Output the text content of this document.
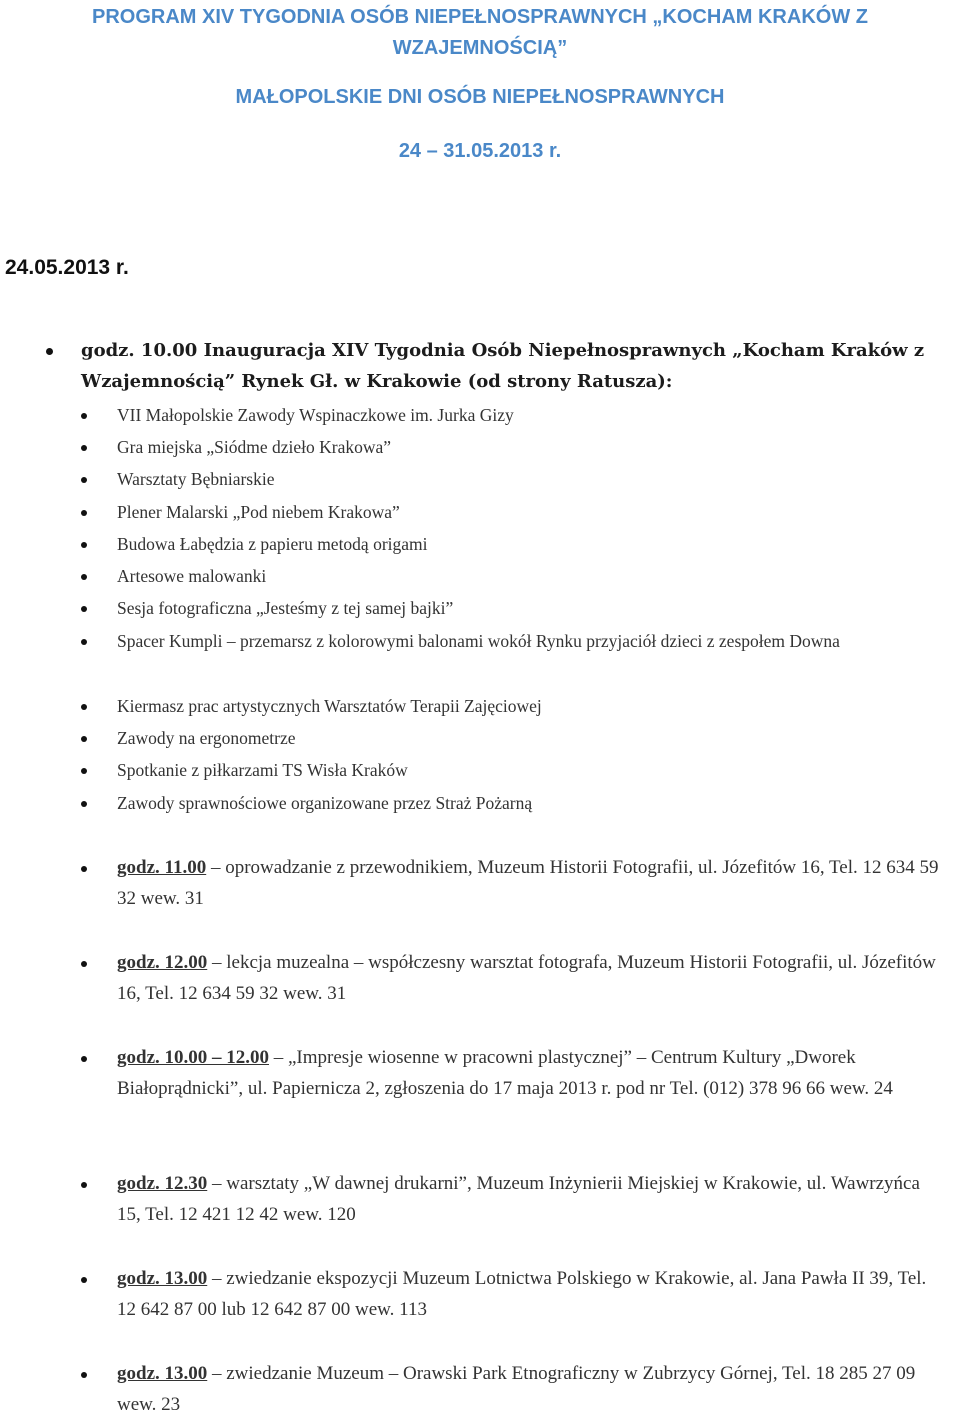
PROGRAM XIV TYGODNIA OSÓB NIEPEŁNOSPRAWNYCH „KOCHAM KRAKÓW Z WZAJEMNOŚCIĄ”
MAŁOPOLSKIE DNI OSÓB NIEPEŁNOSPRAWNYCH
24 – 31.05.2013 r.
24.05.2013 r.
godz. 10.00 Inauguracja XIV Tygodnia Osób Niepełnosprawnych „Kocham Kraków z Wzajemnością” Rynek Gł. w Krakowie (od strony Ratusza):
VII Małopolskie Zawody Wspinaczkowe im. Jurka Gizy
Gra miejska „Siódme dzieło Krakowa”
Warsztaty Bębniarskie
Plener Malarski „Pod niebem Krakowa”
Budowa Łabędzia z papieru metodą origami
Artesowe malowanki
Sesja fotograficzna „Jesteśmy z tej samej bajki”
Spacer Kumpli – przemarsz z kolorowymi balonami wokół Rynku przyjaciół dzieci z zespołem Downa
Kiermasz prac artystycznych Warsztatów Terapii Zajęciowej
Zawody na ergonometrze
Spotkanie z piłkarzami TS Wisła Kraków
Zawody sprawnościowe organizowane przez Straż Pożarną
godz. 11.00 – oprowadzanie z przewodnikiem, Muzeum Historii Fotografii, ul. Józefitów 16, Tel. 12 634 59 32 wew. 31
godz. 12.00 – lekcja muzealna – współczesny warsztat fotografa, Muzeum Historii Fotografii, ul. Józefitów 16, Tel. 12 634 59 32 wew. 31
godz. 10.00 – 12.00 – „Impresje wiosenne w pracowni plastycznej” – Centrum Kultury „Dworek Białoprądnicki”, ul. Papiernicza 2, zgłoszenia do 17 maja 2013 r. pod nr Tel. (012) 378 96 66 wew. 24
godz. 12.30 – warsztaty „W dawnej drukarni”, Muzeum Inżynierii Miejskiej w Krakowie, ul. Wawrzyńca 15, Tel. 12 421 12 42 wew. 120
godz. 13.00 – zwiedzanie ekspozycji Muzeum Lotnictwa Polskiego w Krakowie, al. Jana Pawła II 39, Tel. 12 642 87 00 lub 12 642 87 00 wew. 113
godz. 13.00 – zwiedzanie Muzeum – Orawski Park Etnograficzny w Zubrzycy Górnej, Tel. 18 285 27 09 wew. 23
